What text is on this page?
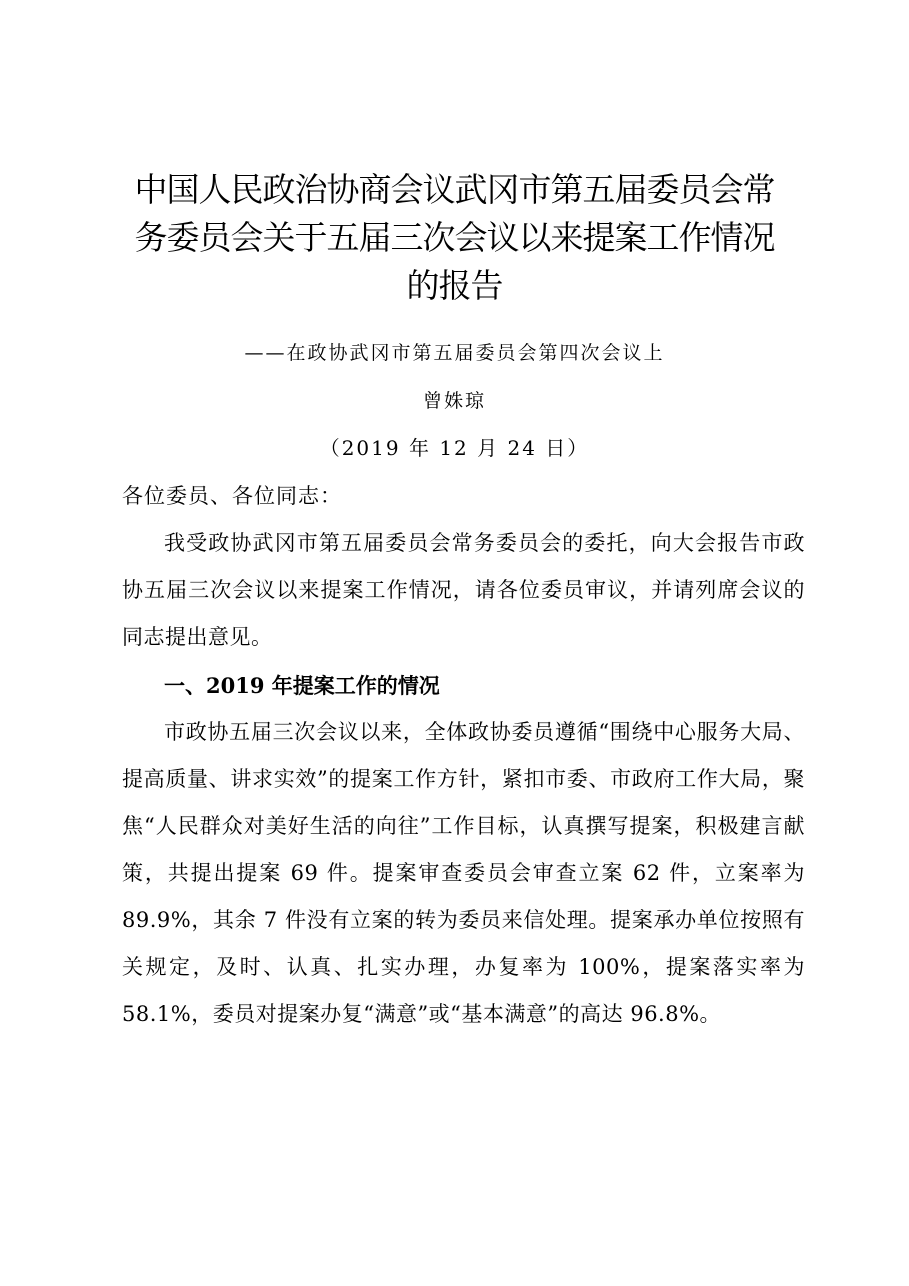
中国人民政治协商会议武冈市第五届委员会常
务委员会关于五届三次会议以来提案工作情况
的报告

——在政协武冈市第五届委员会第四次会议上

曾姝琼

（2019 年 12 月 24 日）

各位委员、各位同志：

我受政协武冈市第五届委员会常务委员会的委托，向大会报告市政协五届三次会议以来提案工作情况，请各位委员审议，并请列席会议的同志提出意见。

一、2019 年提案工作的情况

市政协五届三次会议以来，全体政协委员遵循“围绕中心服务大局、提高质量、讲求实效”的提案工作方针，紧扣市委、市政府工作大局，聚焦“人民群众对美好生活的向往”工作目标，认真撰写提案，积极建言献策，共提出提案 69 件。提案审查委员会审查立案 62 件，立案率为 89.9%，其余 7 件没有立案的转为委员来信处理。提案承办单位按照有关规定，及时、认真、扎实办理，办复率为 100%，提案落实率为 58.1%，委员对提案办复“满意”或“基本满意”的高达 96.8%。
